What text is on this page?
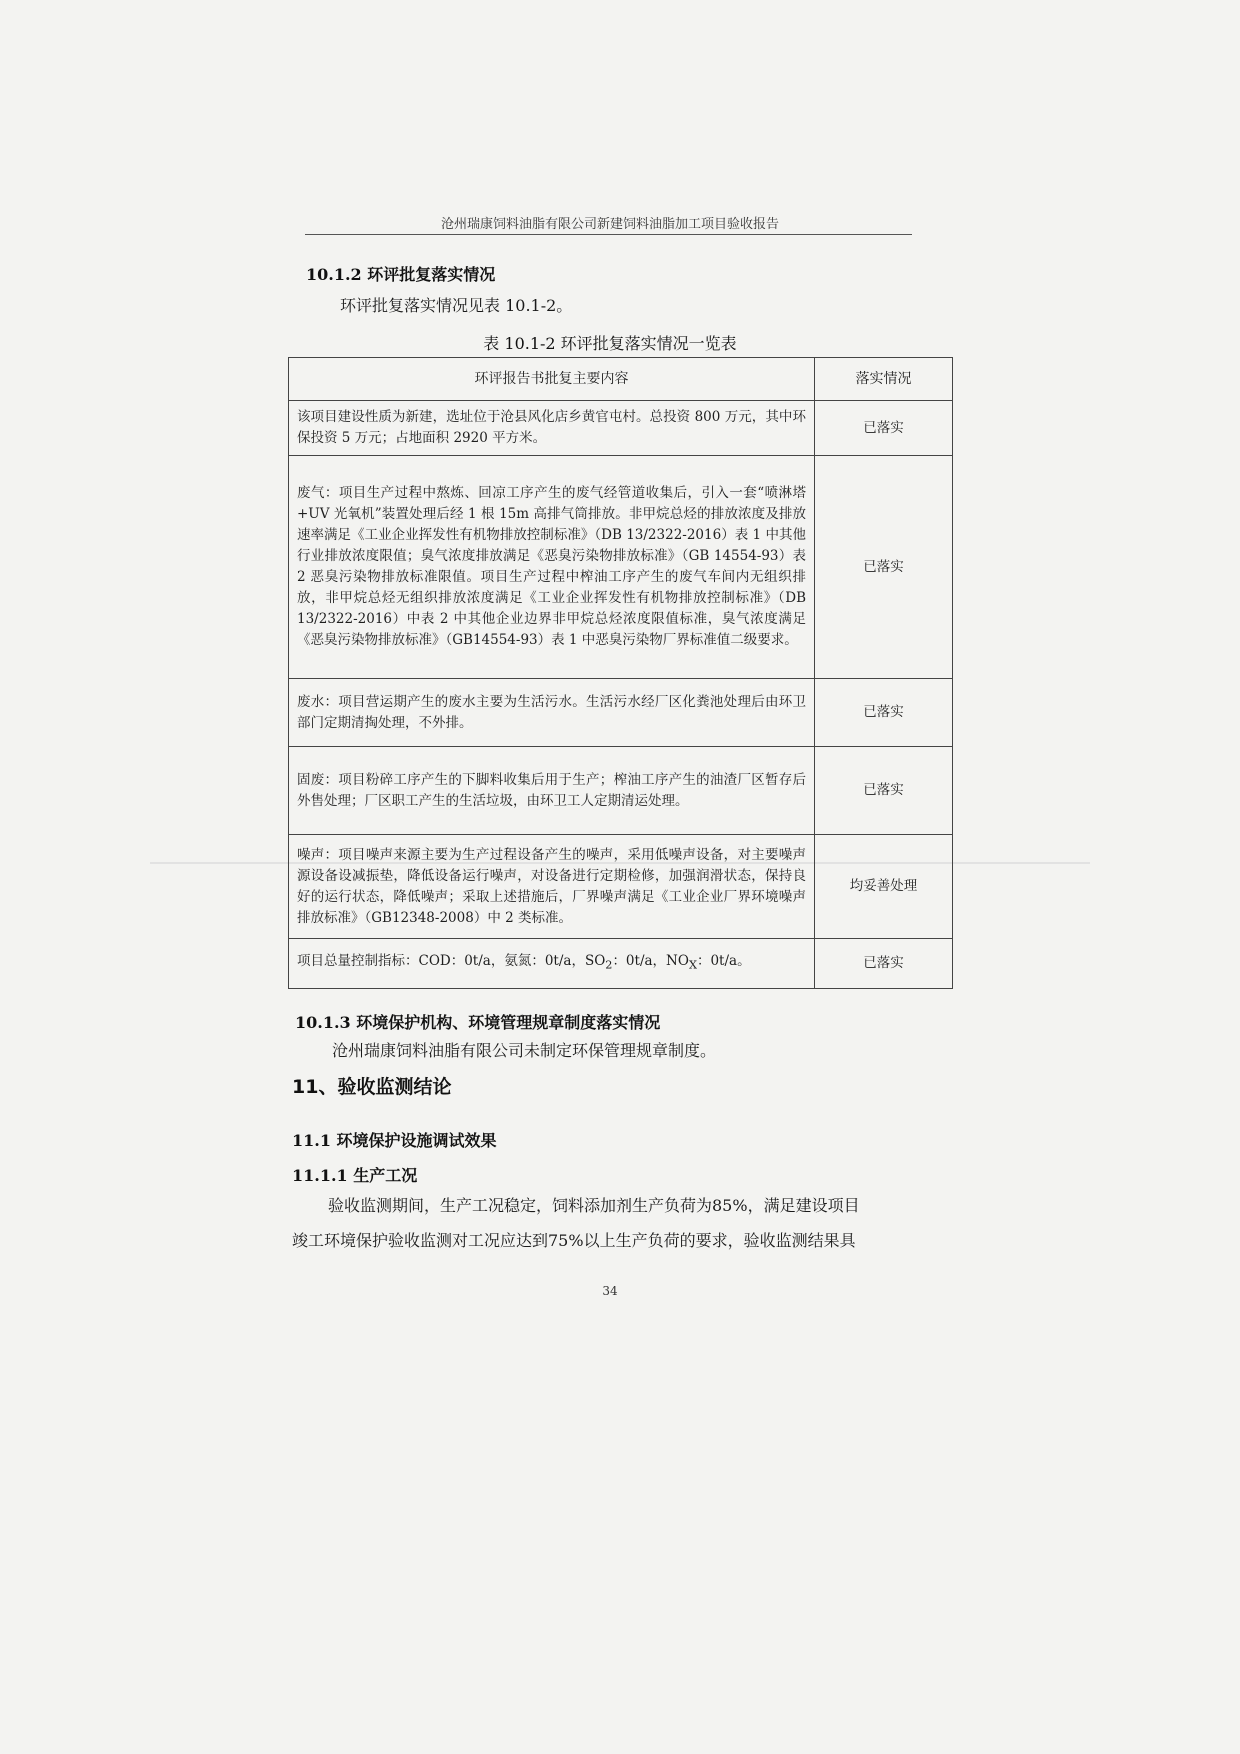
沧州瑞康饲料油脂有限公司新建饲料油脂加工项目验收报告
10.1.2 环评批复落实情况
环评批复落实情况见表 10.1-2。
表 10.1-2 环评批复落实情况一览表
环评报告书批复主要内容	落实情况
该项目建设性质为新建，选址位于沧县风化店乡黄官屯村。总投资 800 万元，其中环保投资 5 万元；占地面积 2920 平方米。	已落实
废气：项目生产过程中熬炼、回凉工序产生的废气经管道收集后，引入一套“喷淋塔+UV 光氧机”装置处理后经 1 根 15m 高排气筒排放。非甲烷总烃的排放浓度及排放速率满足《工业企业挥发性有机物排放控制标准》（DB 13/2322-2016）表 1 中其他行业排放浓度限值；臭气浓度排放满足《恶臭污染物排放标准》（GB 14554-93）表 2 恶臭污染物排放标准限值。项目生产过程中榨油工序产生的废气车间内无组织排放，非甲烷总烃无组织排放浓度满足《工业企业挥发性有机物排放控制标准》（DB 13/2322-2016）中表 2 中其他企业边界非甲烷总烃浓度限值标准，臭气浓度满足《恶臭污染物排放标准》（GB14554-93）表 1 中恶臭污染物厂界标准值二级要求。	已落实
废水：项目营运期产生的废水主要为生活污水。生活污水经厂区化粪池处理后由环卫部门定期清掏处理，不外排。	已落实
固废：项目粉碎工序产生的下脚料收集后用于生产；榨油工序产生的油渣厂区暂存后外售处理；厂区职工产生的生活垃圾，由环卫工人定期清运处理。	已落实
噪声：项目噪声来源主要为生产过程设备产生的噪声，采用低噪声设备，对主要噪声源设备设减振垫，降低设备运行噪声，对设备进行定期检修，加强润滑状态，保持良好的运行状态，降低噪声；采取上述措施后，厂界噪声满足《工业企业厂界环境噪声排放标准》（GB12348-2008）中 2 类标准。	均妥善处理
项目总量控制指标：COD：0t/a，氨氮：0t/a，$SO_2$：0t/a，$NO_X$：0t/a。	已落实
10.1.3 环境保护机构、环境管理规章制度落实情况
沧州瑞康饲料油脂有限公司未制定环保管理规章制度。
11、验收监测结论
11.1 环境保护设施调试效果
11.1.1 生产工况
验收监测期间，生产工况稳定，饲料添加剂生产负荷为85%，满足建设项目
竣工环境保护验收监测对工况应达到75%以上生产负荷的要求，验收监测结果具
34
